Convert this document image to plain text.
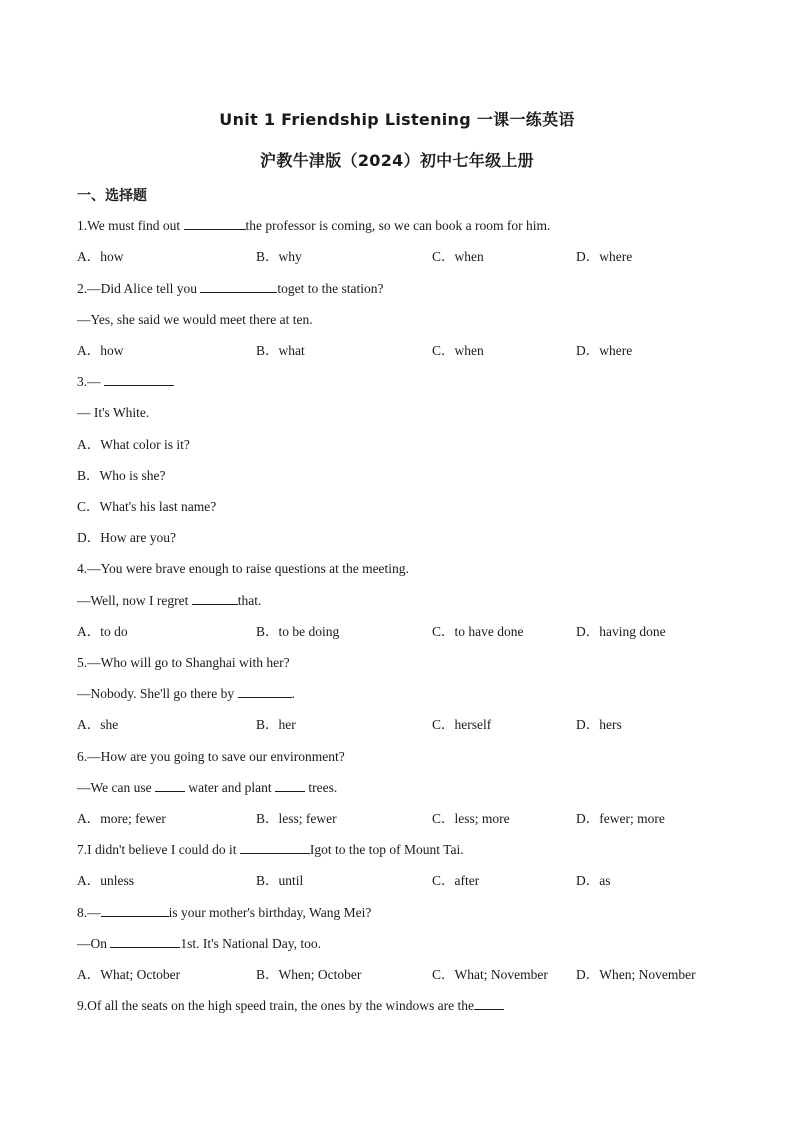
Unit 1 Friendship Listening 一课一练英语
沪教牛津版（2024）初中七年级上册
一、选择题
1.We must find out	the professor is coming, so we can book a room for him.
A．how	B．why	C．when	D．where
2.—Did Alice tell you	toget to the station?
—Yes, she said we would meet there at ten.
A．how	B．what	C．when	D．where
3.—
— It's White.
A．What color is it?
B．Who is she?
C．What's his last name?
D．How are you?
4.—You were brave enough to raise questions at the meeting.
—Well, now I regret	that.
A．to do	B．to be doing	C．to have done	D．having done
5.—Who will go to Shanghai with her?
—Nobody. She'll go there by	.
A．she	B．her	C．herself	D．hers
6.—How are you going to save our environment?
—We can use  water and plant  trees.
A．more; fewer	B．less; fewer	C．less; more	D．fewer; more
7.I didn't believe I could do it	Igot to the top of Mount Tai.
A．unless	B．until	C．after	D．as
8.—	is your mother's birthday, Wang Mei?
—On	1st. It's National Day, too.
A．What; October	B．When; October	C．What; November D．When; November
9.Of all the seats on the high speed train, the ones by the windows are the
